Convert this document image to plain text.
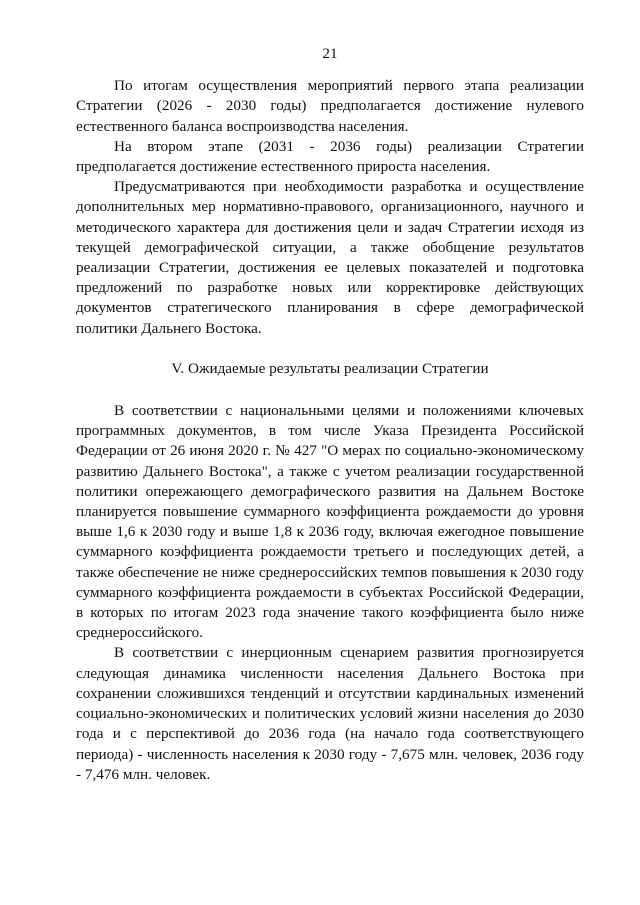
21

По итогам осуществления мероприятий первого этапа реализации Стратегии (2026 - 2030 годы) предполагается достижение нулевого естественного баланса воспроизводства населения.

На втором этапе (2031 - 2036 годы) реализации Стратегии предполагается достижение естественного прироста населения.

Предусматриваются при необходимости разработка и осуществление дополнительных мер нормативно-правового, организационного, научного и методического характера для достижения цели и задач Стратегии исходя из текущей демографической ситуации, а также обобщение результатов реализации Стратегии, достижения ее целевых показателей и подготовка предложений по разработке новых или корректировке действующих документов стратегического планирования в сфере демографической политики Дальнего Востока.

V. Ожидаемые результаты реализации Стратегии

В соответствии с национальными целями и положениями ключевых программных документов, в том числе Указа Президента Российской Федерации от 26 июня 2020 г. № 427 "О мерах по социально-экономическому развитию Дальнего Востока", а также с учетом реализации государственной политики опережающего демографического развития на Дальнем Востоке планируется повышение суммарного коэффициента рождаемости до уровня выше 1,6 к 2030 году и выше 1,8 к 2036 году, включая ежегодное повышение суммарного коэффициента рождаемости третьего и последующих детей, а также обеспечение не ниже среднероссийских темпов повышения к 2030 году суммарного коэффициента рождаемости в субъектах Российской Федерации, в которых по итогам 2023 года значение такого коэффициента было ниже среднероссийского.

В соответствии с инерционным сценарием развития прогнозируется следующая динамика численности населения Дальнего Востока при сохранении сложившихся тенденций и отсутствии кардинальных изменений социально-экономических и политических условий жизни населения до 2030 года и с перспективой до 2036 года (на начало года соответствующего периода) - численность населения к 2030 году - 7,675 млн. человек, 2036 году - 7,476 млн. человек.
